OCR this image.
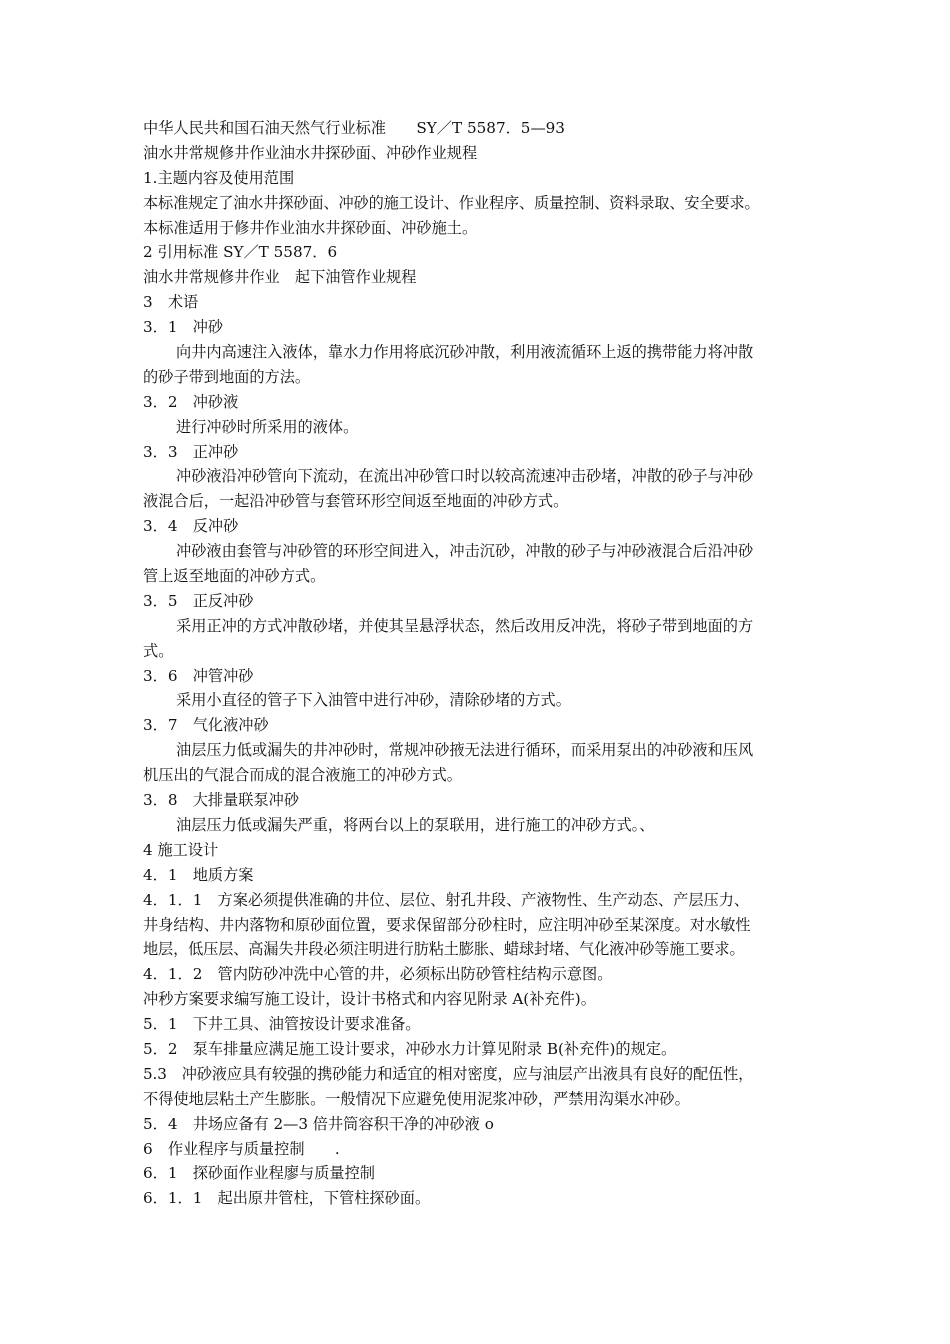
中华人民共和国石油天然气行业标准　　SY／T 5587．5—93
油水井常规修井作业油水井探砂面、冲砂作业规程
1.主题内容及使用范围
本标准规定了油水井探砂面、冲砂的施工设计、作业程序、质量控制、资料录取、安全要求。
本标准适用于修井作业油水井探砂面、冲砂施土。
2 引用标准 SY／T 5587．6
油水井常规修井作业　起下油管作业规程
3　术语
3．1　冲砂
向井内高速注入液体，靠水力作用将底沉砂冲散，利用液流循环上返的携带能力将冲散
的砂子带到地面的方法。
3．2　冲砂液
进行冲砂时所采用的液体。
3．3　正冲砂
冲砂液沿冲砂管向下流动，在流出冲砂管口时以较高流速冲击砂堵，冲散的砂子与冲砂
液混合后，一起沿冲砂管与套管环形空间返至地面的冲砂方式。
3．4　反冲砂
冲砂液由套管与冲砂管的环形空间进入，冲击沉砂，冲散的砂子与冲砂液混合后沿冲砂
管上返至地面的冲砂方式。
3．5　正反冲砂
采用正冲的方式冲散砂堵，并使其呈悬浮状态，然后改用反冲洗，将砂子带到地面的方
式。
3．6　冲管冲砂
采用小直径的管子下入油管中进行冲砂，清除砂堵的方式。
3．7　气化液冲砂
油层压力低或漏失的井冲砂时，常规冲砂掖无法进行循环，而采用泵出的冲砂液和压风
机压出的气混合而成的混合液施工的冲砂方式。
3．8　大排量联泵冲砂
油层压力低或漏失严重，将两台以上的泵联用，进行施工的冲砂方式。、
4 施工设计
4．1　地质方案
4．1．1　方案必须提供准确的井位、层位、射孔井段、产液物性、生产动态、产层压力、
井身结构、井内落物和原砂面位置，要求保留部分砂柱时，应注明冲砂至某深度。对水敏性
地层，低压层、高漏失井段必须注明进行肪粘土膨胀、蜡球封堵、气化液冲砂等施工要求。
4．1．2　管内防砂冲洗中心管的井，必须标出防砂管柱结构示意图。
冲秒方案要求编写施工设计，设计书格式和内容见附录 A(补充件)。
5．1　下井工具、油管按设计要求准备。
5．2　泵车排量应满足施工设计要求，冲砂水力计算见附录 B(补充件)的规定。
5.3　冲砂液应具有较强的携砂能力和适宜的相对密度，应与油层产出液具有良好的配伍性，
不得使地层粘土产生膨胀。一般情况下应避免使用泥浆冲砂，严禁用沟渠水冲砂。
5．4　井场应备有 2—3 倍井筒容积干净的冲砂液 o
6　作业程序与质量控制　　.
6．1　探砂面作业程廖与质量控制
6．1．1　起出原井管柱，下管柱探砂面。
